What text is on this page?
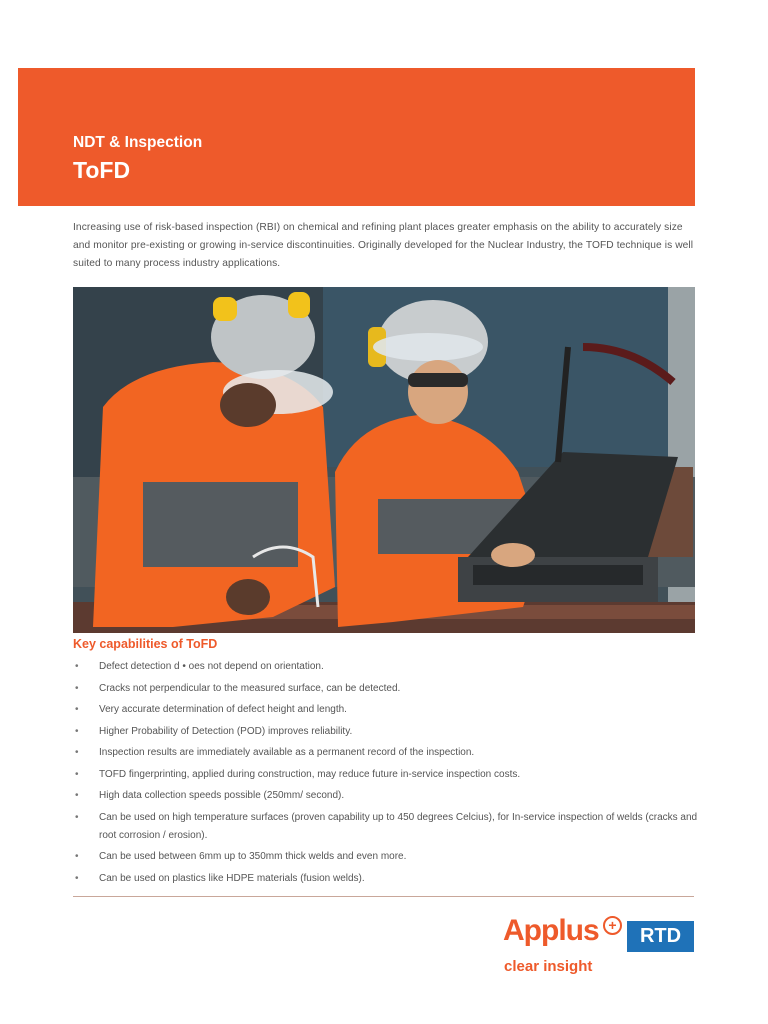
NDT & Inspection
ToFD
Increasing use of risk-based inspection (RBI) on chemical and refining plant places greater emphasis on the ability to accurately size and monitor pre-existing or growing in-service discontinuities. Originally developed for the Nuclear Industry, the TOFD technique is well suited to many process industry applications.
Key capabilities of ToFD
• Defect detection d • oes not depend on orientation.
• Cracks not perpendicular to the measured surface, can be detected.
• Very accurate determination of defect height and length.
• Higher Probability of Detection (POD) improves reliability.
• Inspection results are immediately available as a permanent record of the inspection.
• TOFD fingerprinting, applied during construction, may reduce future in-service inspection costs.
• High data collection speeds possible (250mm/ second).
• Can be used on high temperature surfaces (proven capability up to 450 degrees Celcius), for In-service inspection of welds (cracks and root corrosion / erosion).
• Can be used between 6mm up to 350mm thick welds and even more.
• Can be used on plastics like HDPE materials (fusion welds).
Applus +	RTD
clear insight
